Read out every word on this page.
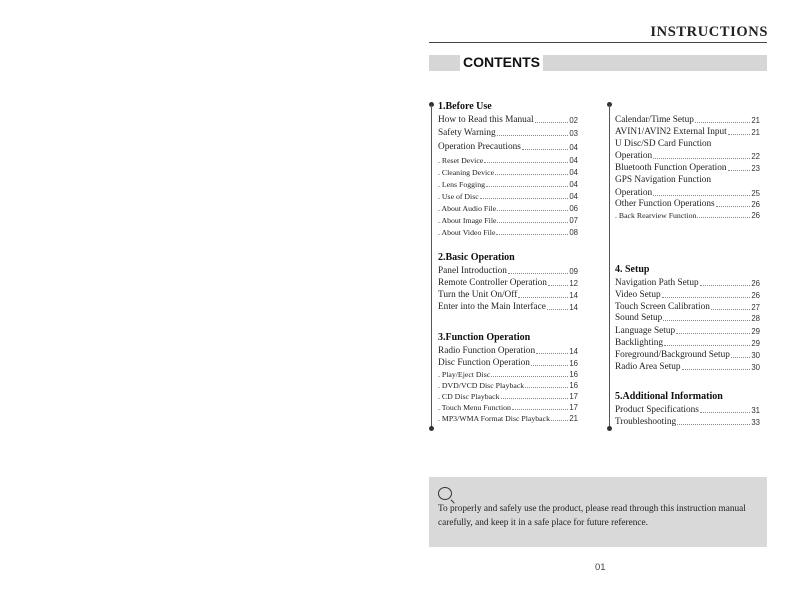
INSTRUCTIONS
CONTENTS
1.Before Use
How to Read this Manual	02
Safety Warning	03
Operation Precautions	04
. Reset Device	04
. Cleaning Device	04
. Lens Fogging	04
. Use of Disc	04
. About Audio File	06
. About Image File	07
. About Video File	08
2.Basic Operation
Panel Introduction	09
Remote Controller Operation	12
Turn the Unit On/Off	14
Enter into the Main Interface	14
3.Function Operation
Radio Function Operation	14
Disc Function Operation	16
. Play/Eject Disc	16
. DVD/VCD Disc Playback	16
. CD Disc Playback	17
. Touch Menu Function	17
. MP3/WMA Format Disc Playback 21
Calendar/Time Setup	21
AVIN1/AVIN2 External Input	21
U Disc/SD Card Function
Operation	22
Bluetooth Function Operation	23
GPS Navigation Function
Operation	25
Other Function Operations	26
. Back Rearview Function	26
4. Setup
Navigation Path Setup	26
Video Setup	26
Touch Screen Calibration	27
Sound Setup	28
Language Setup	29
Backlighting	29
Foreground/Background Setup	30
Radio Area Setup	30
5.Additional Information
Product Specifications	31
Troubleshooting	33
To properly and safely use the product, please read through this instruction manual carefully, and keep it in a safe place for future reference.
01
